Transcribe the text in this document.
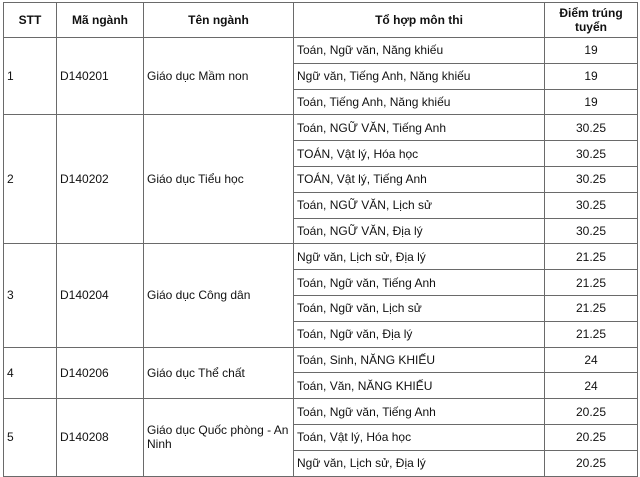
STT	Mã ngành	Tên ngành	Tổ hợp môn thi	Điểm trúng tuyển
1	D140201	Giáo dục Mầm non	Toán, Ngữ văn, Năng khiếu	19
			Ngữ văn, Tiếng Anh, Năng khiếu	19
			Toán, Tiếng Anh, Năng khiếu	19
2	D140202	Giáo dục Tiểu học	Toán, NGỮ VĂN, Tiếng Anh	30.25
			TOÁN, Vật lý, Hóa học	30.25
			TOÁN, Vật lý, Tiếng Anh	30.25
			Toán, NGỮ VĂN, Lịch sử	30.25
			Toán, NGỮ VĂN, Địa lý	30.25
3	D140204	Giáo dục Công dân	Ngữ văn, Lịch sử, Địa lý	21.25
			Toán, Ngữ văn, Tiếng Anh	21.25
			Toán, Ngữ văn, Lịch sử	21.25
			Toán, Ngữ văn, Địa lý	21.25
4	D140206	Giáo dục Thể chất	Toán, Sinh, NĂNG KHIẾU	24
			Toán, Văn, NĂNG KHIẾU	24
5	D140208	Giáo dục Quốc phòng - An Ninh	Toán, Ngữ văn, Tiếng Anh	20.25
			Toán, Vật lý, Hóa học	20.25
			Ngữ văn, Lịch sử, Địa lý	20.25
